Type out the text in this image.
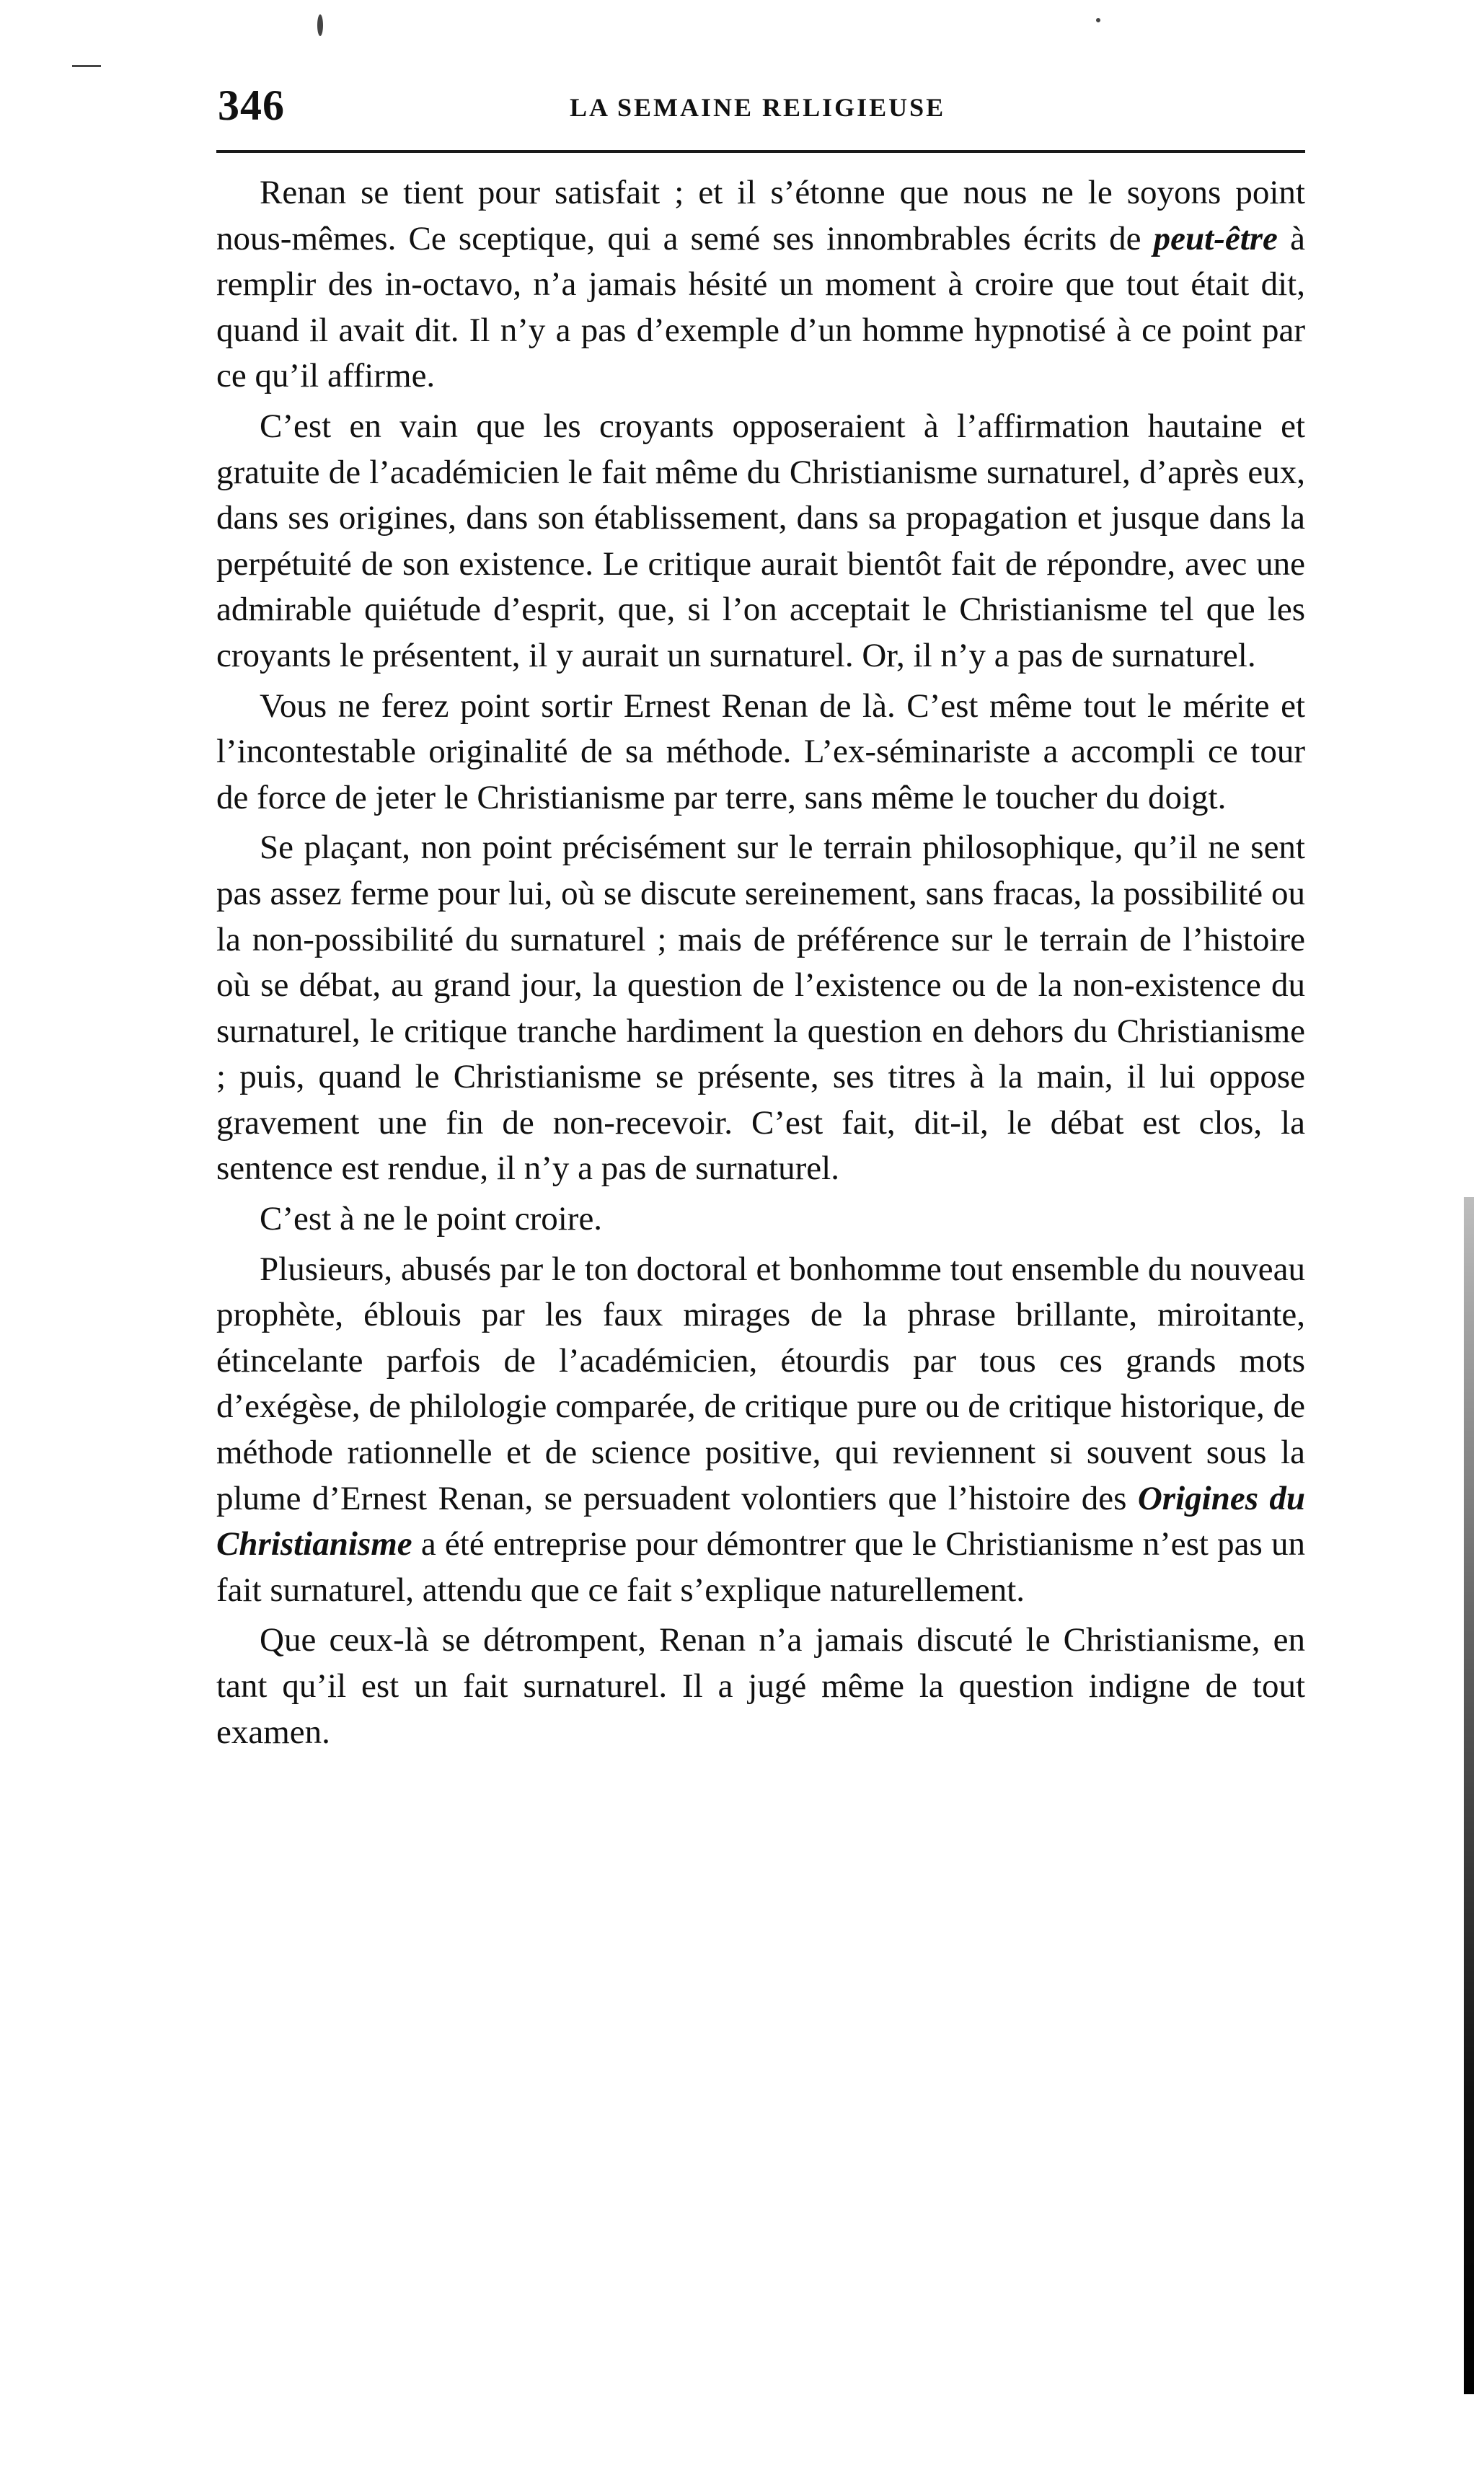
346	LA SEMAINE RELIGIEUSE

Renan se tient pour satisfait ; et il s’étonne que nous ne le soyons point nous-mêmes. Ce sceptique, qui a semé ses innombrables écrits de peut-être à remplir des in-octavo, n’a jamais hésité un moment à croire que tout était dit, quand il avait dit. Il n’y a pas d’exemple d’un homme hypnotisé à ce point par ce qu’il affirme.

C’est en vain que les croyants opposeraient à l’affirmation hautaine et gratuite de l’académicien le fait même du Christianisme surnaturel, d’après eux, dans ses origines, dans son établissement, dans sa propagation et jusque dans la perpétuité de son existence. Le critique aurait bientôt fait de répondre, avec une admirable quiétude d’esprit, que, si l’on acceptait le Christianisme tel que les croyants le présentent, il y aurait un surnaturel. Or, il n’y a pas de surnaturel.

Vous ne ferez point sortir Ernest Renan de là. C’est même tout le mérite et l’incontestable originalité de sa méthode. L’ex-séminariste a accompli ce tour de force de jeter le Christianisme par terre, sans même le toucher du doigt.

Se plaçant, non point précisément sur le terrain philosophique, qu’il ne sent pas assez ferme pour lui, où se discute sereinement, sans fracas, la possibilité ou la non-possibilité du surnaturel ; mais de préférence sur le terrain de l’histoire où se débat, au grand jour, la question de l’existence ou de la non-existence du surnaturel, le critique tranche hardiment la question en dehors du Christianisme ; puis, quand le Christianisme se présente, ses titres à la main, il lui oppose gravement une fin de non-recevoir. C’est fait, dit-il, le débat est clos, la sentence est rendue, il n’y a pas de surnaturel.

C’est à ne le point croire.

Plusieurs, abusés par le ton doctoral et bonhomme tout ensemble du nouveau prophète, éblouis par les faux mirages de la phrase brillante, miroitante, étincelante parfois de l’académicien, étourdis par tous ces grands mots d’exégèse, de philologie comparée, de critique pure ou de critique historique, de méthode rationnelle et de science positive, qui reviennent si souvent sous la plume d’Ernest Renan, se persuadent volontiers que l’histoire des Origines du Christianisme a été entreprise pour démontrer que le Christianisme n’est pas un fait surnaturel, attendu que ce fait s’explique naturellement.

Que ceux-là se détrompent, Renan n’a jamais discuté le Christianisme, en tant qu’il est un fait surnaturel. Il a jugé même la question indigne de tout examen.
